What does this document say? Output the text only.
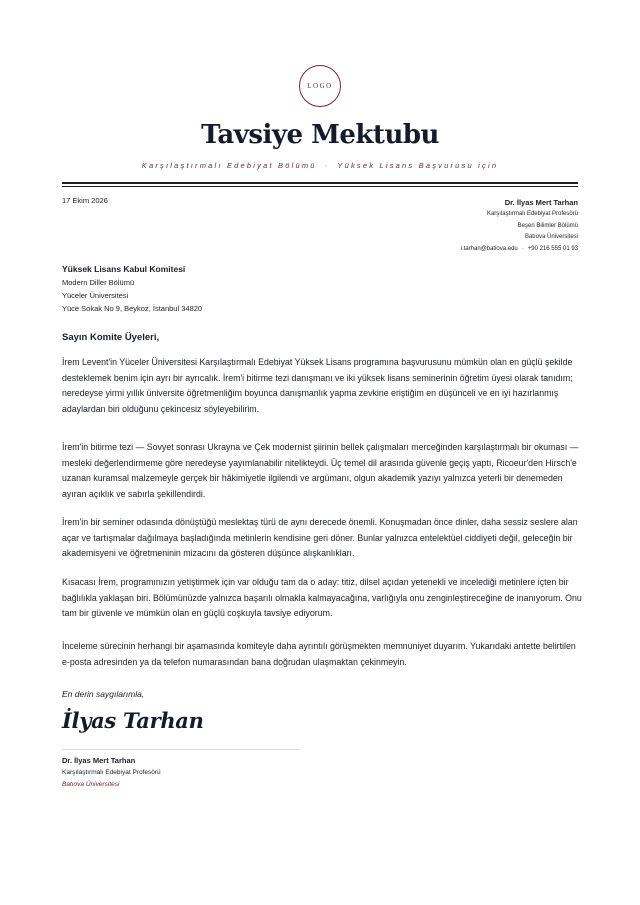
LOGO
Tavsiye Mektubu
Karşılaştırmalı Edebiyat Bölümü · Yüksek Lisans Başvurusu için
17 Ekim 2026	Dr. İlyas Mert Tarhan
Karşılaştırmalı Edebiyat Profesörü
Beşeri Bilimler Bölümü
Batıova Üniversitesi
i.tarhan@batiova.edu · +90 216 555 01 93
Yüksek Lisans Kabul Komitesi
Modern Diller Bölümü
Yüceler Üniversitesi
Yüce Sokak No 9, Beykoz, İstanbul 34820
Sayın Komite Üyeleri,

İrem Levent'in Yüceler Üniversitesi Karşılaştırmalı Edebiyat Yüksek Lisans programına başvurusunu mümkün olan en güçlü şekilde desteklemek benim için ayrı bir ayrıcalık. İrem'i bitirme tezi danışmanı ve iki yüksek lisans seminerinin öğretim üyesi olarak tanıdım; neredeyse yirmi yıllık üniversite öğretmenliğim boyunca danışmanlık yapma zevkine eriştiğim en düşünceli ve en iyi hazırlanmış adaylardan biri olduğunu çekincesiz söyleyebilirim.

İrem'in bitirme tezi — Sovyet sonrası Ukrayna ve Çek modernist şiirinin bellek çalışmaları merceğinden karşılaştırmalı bir okuması — mesleki değerlendirmeme göre neredeyse yayımlanabilir nitelikteydi. Üç temel dil arasında güvenle geçiş yaptı, Ricoeur'den Hirsch'e uzanan kuramsal malzemeyle gerçek bir hâkimiyetle ilgilendi ve argümanı, olgun akademik yazıyı yalnızca yeterli bir denemeden ayıran açıklık ve sabırla şekillendirdi.

İrem'in bir seminer odasında dönüştüğü meslektaş türü de aynı derecede önemli. Konuşmadan önce dinler, daha sessiz seslere alan açar ve tartışmalar dağılmaya başladığında metinlerin kendisine geri döner. Bunlar yalnızca entelektüel ciddiyeti değil, geleceğin bir akademisyeni ve öğretmeninin mizacını da gösteren düşünce alışkanlıkları.

Kısacası İrem, programınızın yetiştirmek için var olduğu tam da o aday: titiz, dilsel açıdan yetenekli ve incelediği metinlere içten bir bağlılıkla yaklaşan biri. Bölümünüzde yalnızca başarılı olmakla kalmayacağına, varlığıyla onu zenginleştireceğine de inanıyorum. Onu tam bir güvenle ve mümkün olan en güçlü coşkuyla tavsiye ediyorum.

İnceleme sürecinin herhangi bir aşamasında komiteyle daha ayrıntılı görüşmekten memnuniyet duyarım. Yukarıdaki antette belirtilen e-posta adresinden ya da telefon numarasından bana doğrudan ulaşmaktan çekinmeyin.

En derin saygılarımla,
İlyas Tarhan
Dr. İlyas Mert Tarhan
Karşılaştırmalı Edebiyat Profesörü
Batıova Üniversitesi
